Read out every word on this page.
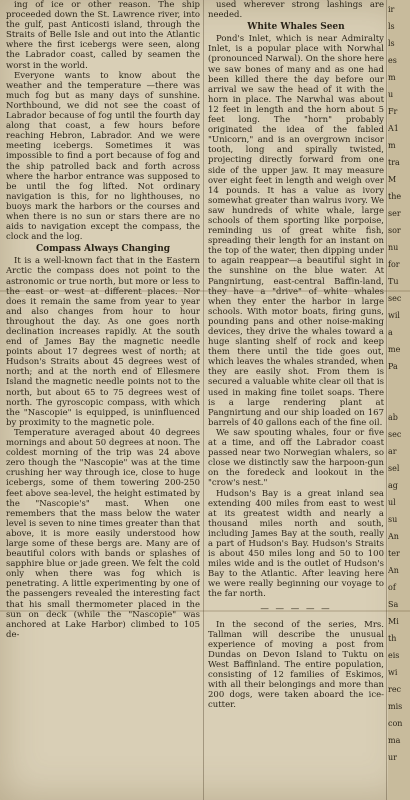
ing of ice or other reason. The ship proceeded down the St. Lawrence river, into the gulf, past Anticosti island, through the Straits of Belle Isle and out into the Atlantic where the first icebergs were seen, along the Labrador coast, called by seamen the worst in the world.

Everyone wants to know about the weather and the temperature —there was much fog but as many days of sunshine. Northbound, we did not see the coast of Labrador because of fog until the fourth day along that coast, a few hours before reaching Hebron, Labrador. And we were meeting icebergs. Sometimes it was impossible to find a port because of fog and the ship patrolled back and forth across where the harbor entrance was supposed to be until the fog lifted. Not ordinary navigation is this, for no lighthouses, no buoys mark the harbors or the courses and when there is no sun or stars there are no aids to navigation except the compass, the clock and the log.

Compass Always Changing

It is a well-known fact that in the Eastern Arctic the compass does not point to the astronomic or true north, but more or less to the east or west at different places. Nor does it remain the same from year to year and also changes from hour to hour throughout the day. As one goes north declination increases rapidly. At the south end of James Bay the magnetic needle points about 17 degrees west of north; at Hudson's Straits about 45 degrees west of north; and at the north end of Ellesmere Island the magnetic needle points not to the north, but about 65 to 75 degrees west of north. The gyroscopic compass, with which the "Nascopie" is equipped, is uninfluenced by proximity to the magnetic pole.

Temperature averaged about 40 degrees mornings and about 50 degrees at noon. The coldest morning of the trip was 24 above zero though the "Nascopie" was at the time crushing her way through ice, close to huge icebergs, some of them towering 200-250 feet above sea-level, the height estimated by the "Nascopie's" mast. When one remembers that the mass below the water level is seven to nine times greater than that above, it is more easily understood how large some of these bergs are. Many are of beautiful colors with bands or splashes of sapphire blue or jade green. We felt the cold only when there was fog which is penetrating. A little experimenting by one of the passengers revealed the interesting fact that his small thermometer placed in the sun on deck (while the "Nascopie" was anchored at Lake Harbor) climbed to 105 de-

used wherever strong lashings are needed.

White Whales Seen

Pond's Inlet, which is near Admiralty Inlet, is a popular place with Norwhal (pronounced Narwal). On the shore here we saw bones of many and as one had been killed there the day before our arrival we saw the head of it with the horn in place. The Narwhal was about 12 feet in length and the horn about 5 feet long. The "horn" probably originated the idea of the fabled "Unicorn," and is an overgrown incisor tooth, long and spirally twisted, projecting directly forward from one side of the upper jaw. It may measure over eight feet in length and weigh over 14 pounds. It has a value as ivory somewhat greater than walrus ivory. We saw hundreds of white whale, large schools of them sporting like porpoise, reminding us of great white fish, spreading their length for an instant on the top of the water, then dipping under to again reappear—a beautiful sight in the sunshine on the blue water. At Pangnirtung, east-central Baffin-land, they have a "drive" of white whales when they enter the harbor in large schools. With motor boats, firing guns, pounding pans and other noise-making devices, they drive the whales toward a huge slanting shelf of rock and keep them there until the tide goes out, which leaves the whales stranded, when they are easily shot. From them is secured a valuable white clear oil that is used in making fine toilet soaps. There is a large rendering plant at Pangnirtung and our ship loaded on 167 barrels of 40 gallons each of the fine oil.

We saw spouting whales, four or five at a time, and off the Labrador coast passed near two Norwegian whalers, so close we distinctly saw the harpoon-gun on the foredeck and lookout in the "crow's nest."

Hudson's Bay is a great inland sea extending 400 miles from east to west at its greatest width and nearly a thousand miles north and south, including James Bay at the south, really a part of Hudson's Bay. Hudson's Straits is about 450 miles long and 50 to 100 miles wide and is the outlet of Hudson's Bay to the Atlantic. After leaving here we were really beginning our voyage to the far north.

— — — — —

In the second of the series, Mrs. Tallman will describe the unusual experience of moving a post from Dundas on Devon Island to Tuktu on West Baffinland. The entire population, consisting of 12 families of Eskimos, with all their belongings and more than 200 dogs, were taken aboard the ice-cutter.

ir
ls
ls
es
m
u
Fr
A1
m
tra
M
the
ser
sor
nu
for
Tu
sec
wil
a
me
Pa

ab
sec
ar
sel
ag
ul
su
An
ter
An
of
Sa
Mi
th
eis
wi
rec
mis
con
ma
ur
